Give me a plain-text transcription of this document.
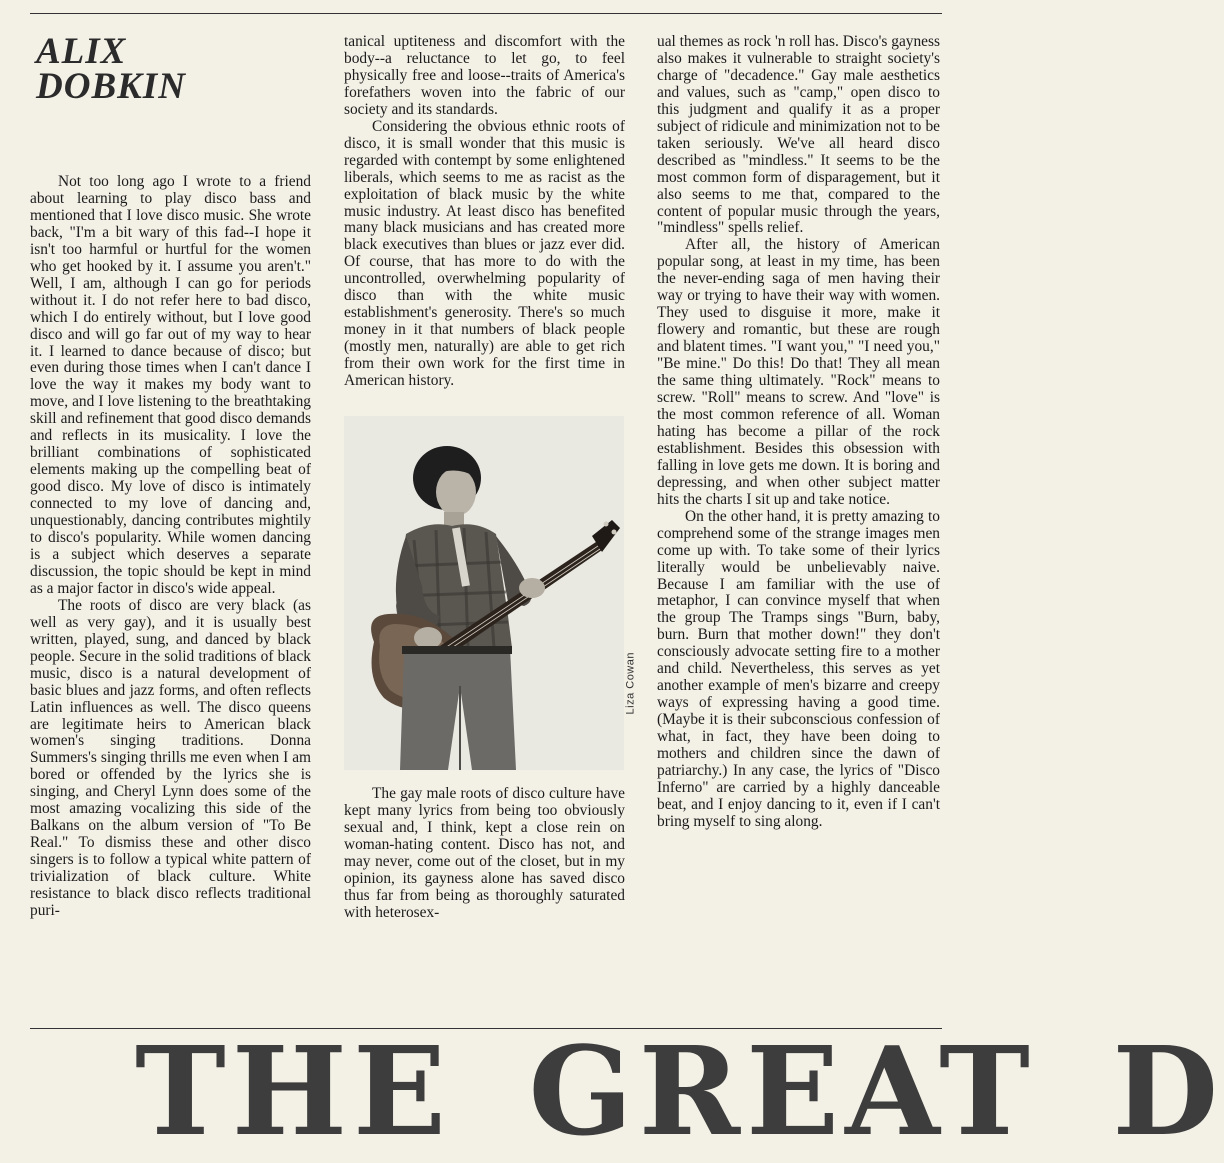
ALIX
DOBKIN

Not too long ago I wrote to a friend about learning to play disco bass and mentioned that I love disco music. She wrote back, "I'm a bit wary of this fad--I hope it isn't too harmful or hurtful for the women who get hooked by it. I assume you aren't." Well, I am, although I can go for periods without it. I do not refer here to bad disco, which I do entirely without, but I love good disco and will go far out of my way to hear it. I learned to dance because of disco; but even during those times when I can't dance I love the way it makes my body want to move, and I love listening to the breathtaking skill and refinement that good disco demands and reflects in its musicality. I love the brilliant combinations of sophisticated elements making up the compelling beat of good disco. My love of disco is intimately connected to my love of dancing and, unquestionably, dancing contributes mightily to disco's popularity. While women dancing is a subject which deserves a separate discussion, the topic should be kept in mind as a major factor in disco's wide appeal.

The roots of disco are very black (as well as very gay), and it is usually best written, played, sung, and danced by black people. Secure in the solid traditions of black music, disco is a natural development of basic blues and jazz forms, and often reflects Latin influences as well. The disco queens are legitimate heirs to American black women's singing traditions. Donna Summers's singing thrills me even when I am bored or offended by the lyrics she is singing, and Cheryl Lynn does some of the most amazing vocalizing this side of the Balkans on the album version of "To Be Real." To dismiss these and other disco singers is to follow a typical white pattern of trivialization of black culture. White resistance to black disco reflects traditional puri-

tanical uptiteness and discomfort with the body--a reluctance to let go, to feel physically free and loose--traits of America's forefathers woven into the fabric of our society and its standards.

Considering the obvious ethnic roots of disco, it is small wonder that this music is regarded with contempt by some enlightened liberals, which seems to me as racist as the exploitation of black music by the white music industry. At least disco has benefited many black musicians and has created more black executives than blues or jazz ever did. Of course, that has more to do with the uncontrolled, overwhelming popularity of disco than with the white music establishment's generosity. There's so much money in it that numbers of black people (mostly men, naturally) are able to get rich from their own work for the first time in American history.

Liza Cowan

The gay male roots of disco culture have kept many lyrics from being too obviously sexual and, I think, kept a close rein on woman-hating content. Disco has not, and may never, come out of the closet, but in my opinion, its gayness alone has saved disco thus far from being as thoroughly saturated with heterosex-

ual themes as rock 'n roll has. Disco's gayness also makes it vulnerable to straight society's charge of "decadence." Gay male aesthetics and values, such as "camp," open disco to this judgment and qualify it as a proper subject of ridicule and minimization not to be taken seriously. We've all heard disco described as "mindless." It seems to be the most common form of disparagement, but it also seems to me that, compared to the content of popular music through the years, "mindless" spells relief.

After all, the history of American popular song, at least in my time, has been the never-ending saga of men having their way or trying to have their way with women. They used to disguise it more, make it flowery and romantic, but these are rough and blatent times. "I want you," "I need you," "Be mine." Do this! Do that! They all mean the same thing ultimately. "Rock" means to screw. "Roll" means to screw. And "love" is the most common reference of all. Woman hating has become a pillar of the rock establishment. Besides this obsession with falling in love gets me down. It is boring and depressing, and when other subject matter hits the charts I sit up and take notice.

On the other hand, it is pretty amazing to comprehend some of the strange images men come up with. To take some of their lyrics literally would be unbelievably naive. Because I am familiar with the use of metaphor, I can convince myself that when the group The Tramps sings "Burn, baby, burn. Burn that mother down!" they don't consciously advocate setting fire to a mother and child. Nevertheless, this serves as yet another example of men's bizarre and creepy ways of expressing having a good time. (Maybe it is their subconscious confession of what, in fact, they have been doing to mothers and children since the dawn of patriarchy.) In any case, the lyrics of "Disco Inferno" are carried by a highly danceable beat, and I enjoy dancing to it, even if I can't bring myself to sing along.

THE GREAT D
